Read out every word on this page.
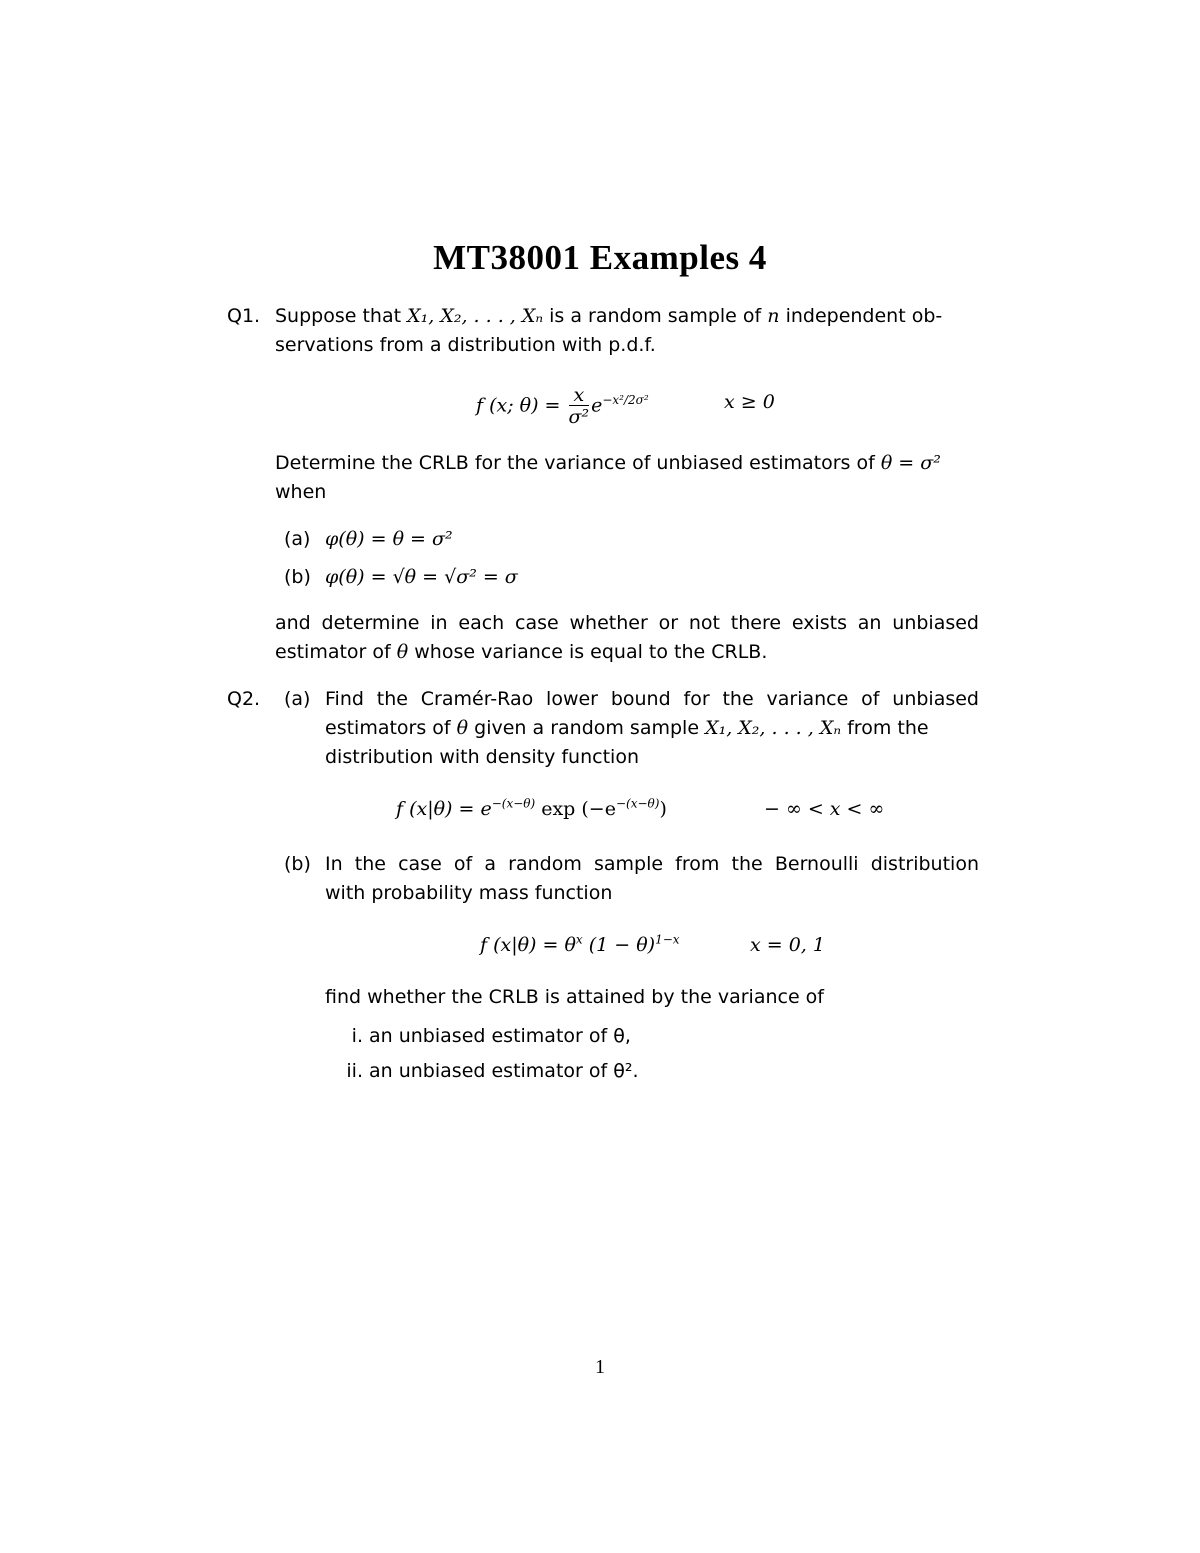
MT38001 Examples 4
Q1. Suppose that X₁, X₂, . . . , Xₙ is a random sample of n independent ob-
servations from a distribution with p.d.f.
f (x; $\theta) = \frac{x}{\text{σ²}} e^{-x^2/2\sigma^2}$	x ≥ 0
Determine the CRLB for the variance of unbiased estimators of θ = σ²
when
(a) φ(θ) = θ = σ²
(b) φ(θ) = √θ = √σ² = σ
and determine in each case whether or not there exists an unbiased
estimator of θ whose variance is equal to the CRLB.
Q2. (a) Find the Cramér-Rao lower bound for the variance of unbiased
estimators of θ given a random sample X₁, X₂, . . . , Xₙ from the
distribution with density function
f $(x|\theta) = e^{-(x-\theta)}$ $\exp (-e^{-(x-\theta)})$	− ∞ < x < ∞
(b) In the case of a random sample from the Bernoulli distribution
with probability mass function
f $(x|\theta) = \theta^x$ $(1 - \theta)^{1-x}$	x = 0, 1
find whether the CRLB is attained by the variance of
i. an unbiased estimator of θ,
ii. an unbiased estimator of θ².
1
